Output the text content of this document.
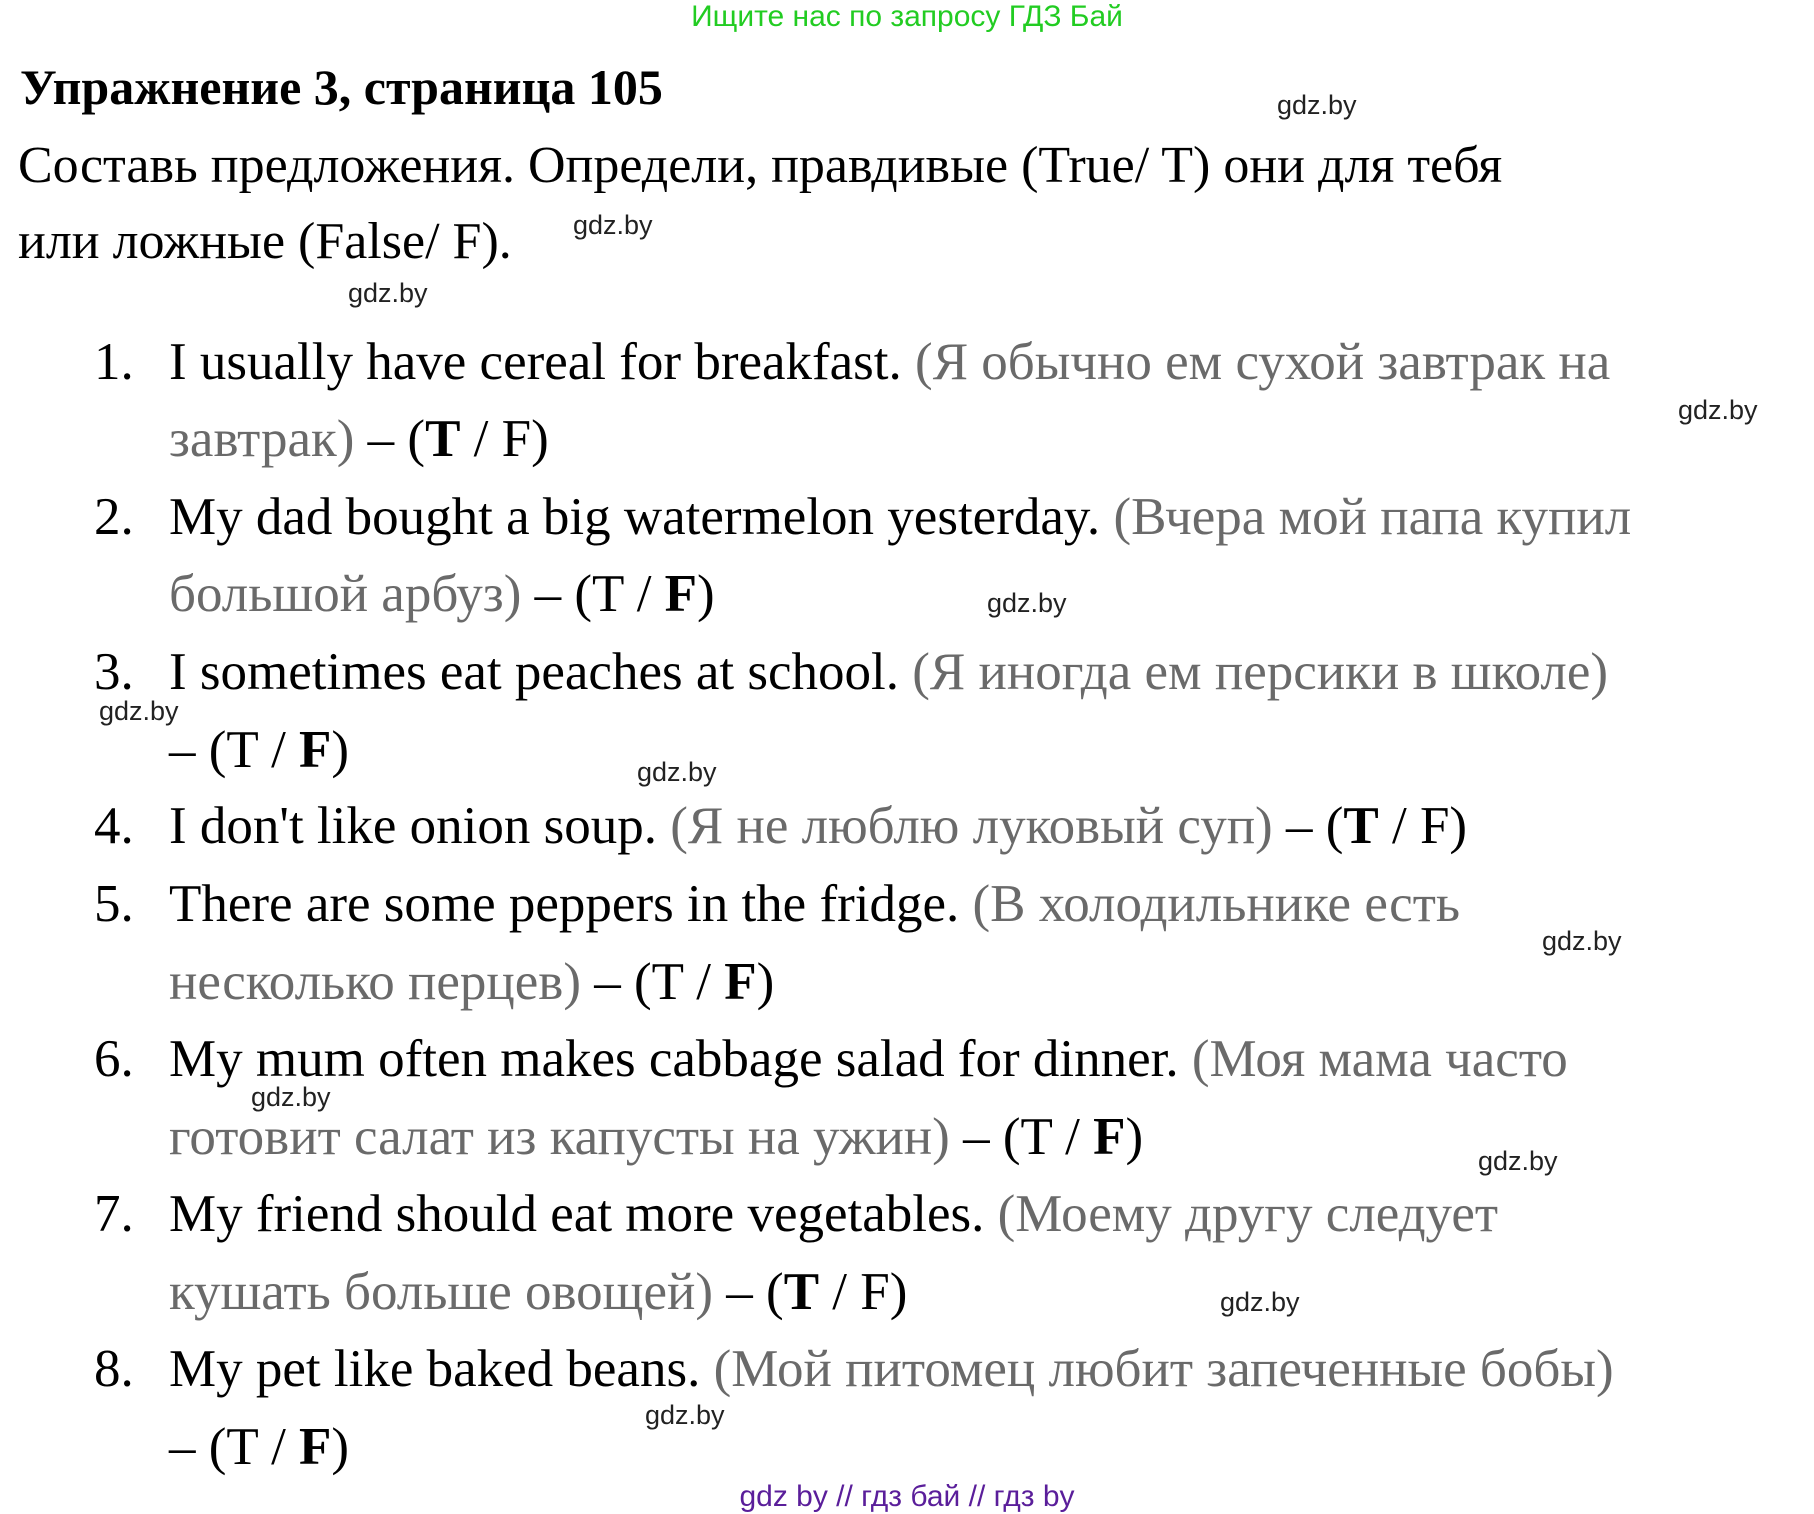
Ищите нас по запросу ГДЗ Бай
Упражнение 3, страница 105
Составь предложения. Определи, правдивые (True/ T) они для тебя
или ложные (False/ F).
1. I usually have cereal for breakfast. (Я обычно ем сухой завтрак на
завтрак) – (T / F)
2. My dad bought a big watermelon yesterday. (Вчера мой папа купил
большой арбуз) – (T / F)
3. I sometimes eat peaches at school. (Я иногда ем персики в школе)
– (T / F)
4. I don't like onion soup. (Я не люблю луковый суп) – (T / F)
5. There are some peppers in the fridge. (В холодильнике есть
несколько перцев) – (T / F)
6. My mum often makes cabbage salad for dinner. (Моя мама часто
готовит салат из капусты на ужин) – (T / F)
7. My friend should eat more vegetables. (Моему другу следует
кушать больше овощей) – (T / F)
8. My pet like baked beans. (Мой питомец любит запеченные бобы)
– (T / F)
gdz.by
gdz.by
gdz.by
gdz.by
gdz.by
gdz.by
gdz.by
gdz.by
gdz.by
gdz.by
gdz.by
gdz.by
gdz by // гдз бай // гдз by
